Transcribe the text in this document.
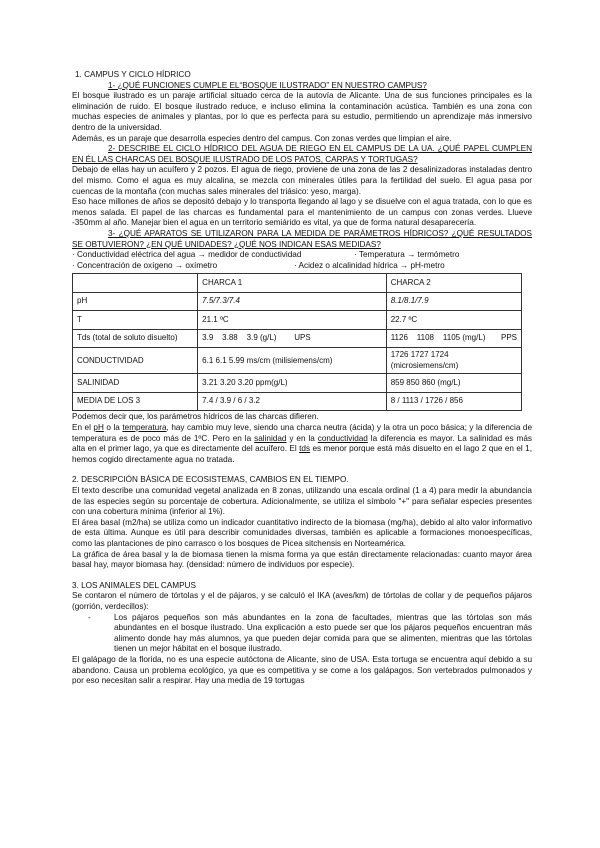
1. CAMPUS Y CICLO HÍDRICO

1- ¿QUÉ FUNCIONES CUMPLE EL“BOSQUE ILUSTRADO” EN NUESTRO CAMPUS?

El bosque ilustrado es un paraje artificial situado cerca de la autovía de Alicante. Una de sus funciones principales es la eliminación de ruido. El bosque ilustrado reduce, e incluso elimina la contaminación acústica. También es una zona con muchas especies de animales y plantas, por lo que es perfecta para su estudio, permitiendo un aprendizaje más inmersivo dentro de la universidad.

Además, es un paraje que desarrolla especies dentro del campus. Con zonas verdes que limpian el aire.

2- DESCRIBE EL CICLO HÍDRICO DEL AGUA DE RIEGO EN EL CAMPUS DE LA UA. ¿QUÉ PAPEL CUMPLEN EN ÉL LAS CHARCAS DEL BOSQUE ILUSTRADO DE LOS PATOS, CARPAS Y TORTUGAS?

Debajo de ellas hay un acuífero y 2 pozos. El agua de riego, proviene de una zona de las 2 desalinizadoras instaladas dentro del mismo. Como el agua es muy alcalina, se mezcla con minerales útiles para la fertilidad del suelo. El agua pasa por cuencas de la montaña (con muchas sales minerales del triásico: yeso, marga).

Eso hace millones de años se depositó debajo y lo transporta llegando al lago y se disuelve con el agua tratada, con lo que es menos salada. El papel de las charcas es fundamental para el mantenimiento de un campus con zonas verdes. Llueve -350mm al año. Manejar bien el agua en un territorio semiárido es vital, ya que de forma natural desaparecería.

3- ¿QUÉ APARATOS SE UTILIZARON PARA LA MEDIDA DE PARÁMETROS HÍDRICOS? ¿QUÉ RESULTADOS SE OBTUVIERON? ¿EN QUÉ UNIDADES? ¿QUÉ NOS INDICAN ESAS MEDIDAS?

· Conductividad eléctrica del agua → medidor de conductividad	· Temperatura → termómetro
· Concentración de oxígeno → oxímetro	· Acidez o alcalinidad hídrica → pH-metro
	CHARCA 1	CHARCA 2
pH	7.5/7.3/7.4	8.1/8.1/7.9
T	21.1 ºC	22.7 ºC
Tds (total de soluto disuelto)	3.9    3.88    3.9 (g/L)        UPS	1126    1108    1105 (mg/L)       PPS
CONDUCTIVIDAD	6.1 6.1 5.99 ms/cm (milisiemens/cm)	1726 1727 1724 (microsiemens/cm)
SALINIDAD	3.21 3.20 3.20 ppm(g/L)	859 850 860 (mg/L)
MEDIA DE LOS 3	7.4 / 3.9 / 6 / 3.2	8 / 1113 / 1726 / 856

Podemos decir que, los parámetros hídricos de las charcas difieren.

En el pH o la temperatura, hay cambio muy leve, siendo una charca neutra (ácida) y la otra un poco básica; y la diferencia de temperatura es de poco más de 1ºC. Pero en la salinidad y en la conductividad la diferencia es mayor. La salinidad es más alta en el primer lago, ya que es directamente del acuífero. El tds es menor porque está más disuelto en el lago 2 que en el 1, hemos cogido directamente agua no tratada.

2. DESCRIPCIÓN BÁSICA DE ECOSISTEMAS, CAMBIOS EN EL TIEMPO.

El texto describe una comunidad vegetal analizada en 8 zonas, utilizando una escala ordinal (1 a 4) para medir la abundancia de las especies según su porcentaje de cobertura. Adicionalmente, se utiliza el símbolo "+" para señalar especies presentes con una cobertura mínima (inferior al 1%).

El área basal (m2/ha) se utiliza como un indicador cuantitativo indirecto de la biomasa (mg/ha), debido al alto valor informativo de esta última. Aunque es útil para describir comunidades diversas, también es aplicable a formaciones monoespecíficas, como las plantaciones de pino carrasco o los bosques de Picea sitchensis en Norteamérica.

La gráfica de área basal y la de biomasa tienen la misma forma ya que están directamente relacionadas: cuanto mayor área basal hay, mayor biomasa hay. (densidad: número de individuos por especie).

3. LOS ANIMALES DEL CAMPUS

Se contaron el número de tórtolas y el de pájaros, y se calculó el IKA (aves/km) de tórtolas de collar y de pequeños pájaros (gorrión, verdecillos):

-	Los pájaros pequeños son más abundantes en la zona de facultades, mientras que las tórtolas son más abundantes en el bosque ilustrado. Una explicación a esto puede ser que los pájaros pequeños encuentran más alimento donde hay más alumnos, ya que pueden dejar comida para que se alimenten, mientras que las tórtolas tienen un mejor hábitat en el bosque ilustrado.

El galápago de la florida, no es una especie autóctona de Alicante, sino de USA. Esta tortuga se encuentra aquí debido a su abandono. Causa un problema ecológico, ya que es competitiva y se come a los galápagos. Son vertebrados pulmonados y por eso necesitan salir a respirar. Hay una media de 19 tortugas
